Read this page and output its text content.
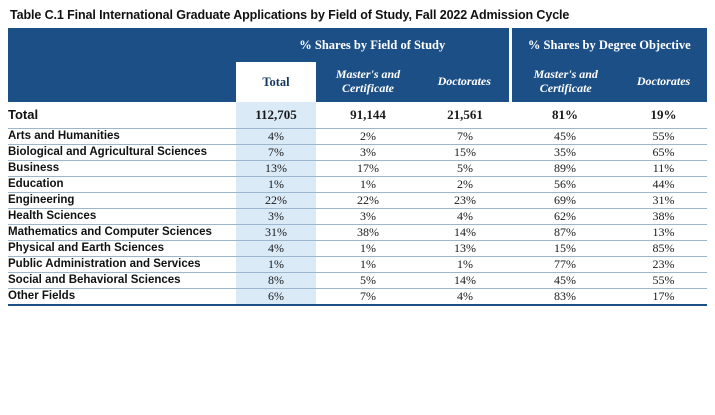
Table C.1 Final International Graduate Applications by Field of Study, Fall 2022 Admission Cycle
	% Shares by Field of Study			% Shares by Degree Objective	
	Total	Master's and Certificate	Doctorates	Master's and Certificate	Doctorates
Total	112,705	91,144	21,561	81%	19%
Arts and Humanities	4%	2%	7%	45%	55%
Biological and Agricultural Sciences	7%	3%	15%	35%	65%
Business	13%	17%	5%	89%	11%
Education	1%	1%	2%	56%	44%
Engineering	22%	22%	23%	69%	31%
Health Sciences	3%	3%	4%	62%	38%
Mathematics and Computer Sciences	31%	38%	14%	87%	13%
Physical and Earth Sciences	4%	1%	13%	15%	85%
Public Administration and Services	1%	1%	1%	77%	23%
Social and Behavioral Sciences	8%	5%	14%	45%	55%
Other Fields	6%	7%	4%	83%	17%
